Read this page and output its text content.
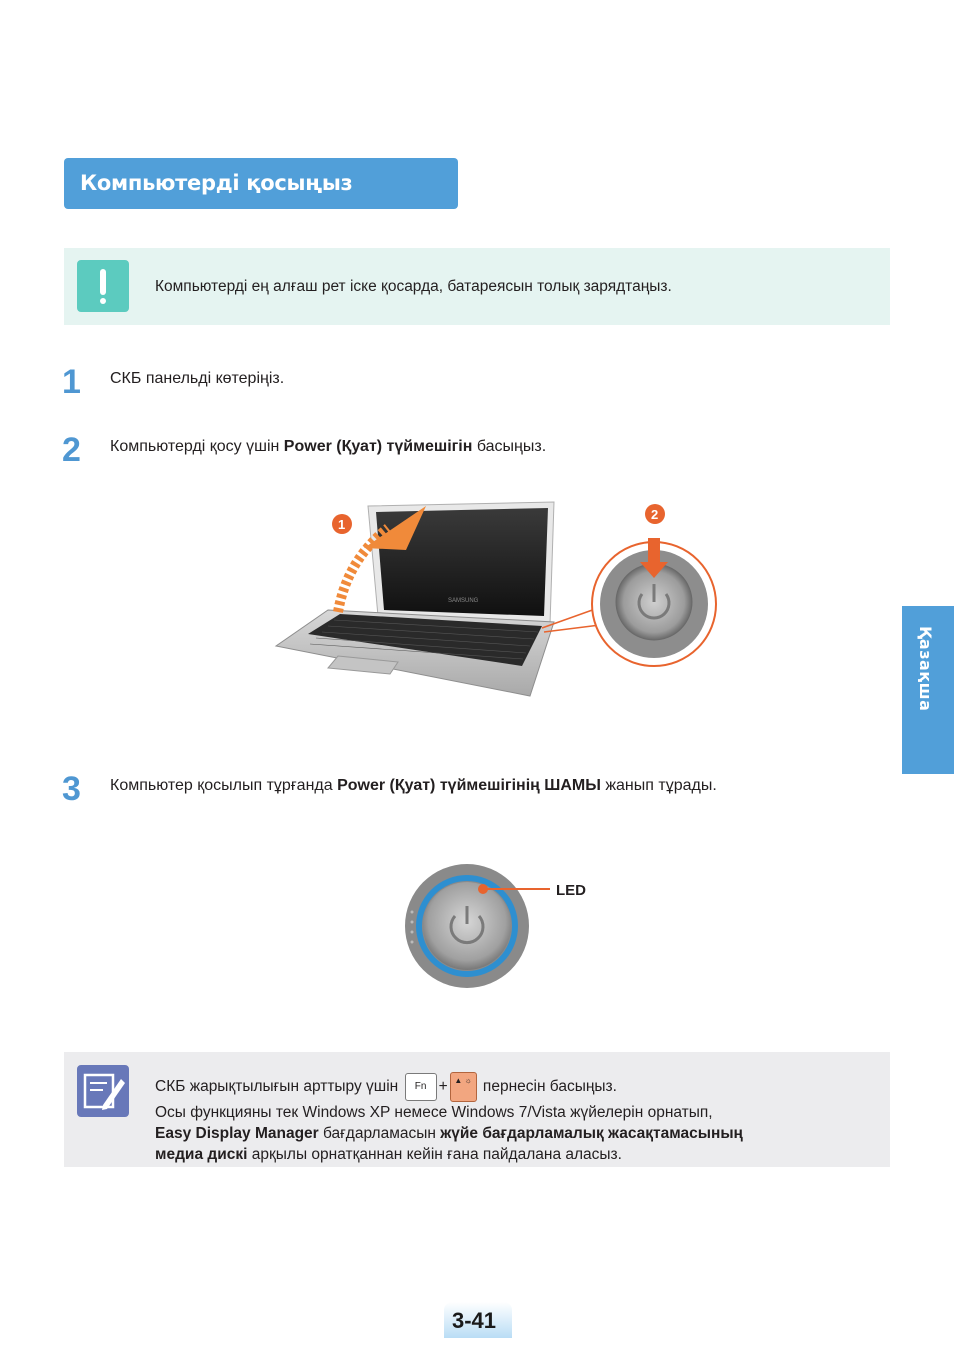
Компьютерді қосыңыз
Компьютерді ең алғаш рет іске қосарда, батареясын толық зарядтаңыз.
1 СКБ панельді көтеріңіз.
2 Компьютерді қосу үшін Power (Қуат) түймешігін басыңыз.
SAMSUNG
1
2
3 Компьютер қосылып тұрғанда Power (Қуат) түймешігінің ШАМЫ жанып тұрады.
LED
Қазақша
СКБ жарықтылығын арттыру үшін Fn + ▲ ☼ пернесін басыңыз.
Осы функцияны тек Windows XP немесе Windows 7/Vista жүйелерін орнатып,
Easy Display Manager бағдарламасын жүйе бағдарламалық жасақтамасының
медиа дискі арқылы орнатқаннан кейін ғана пайдалана аласыз.
3-41
